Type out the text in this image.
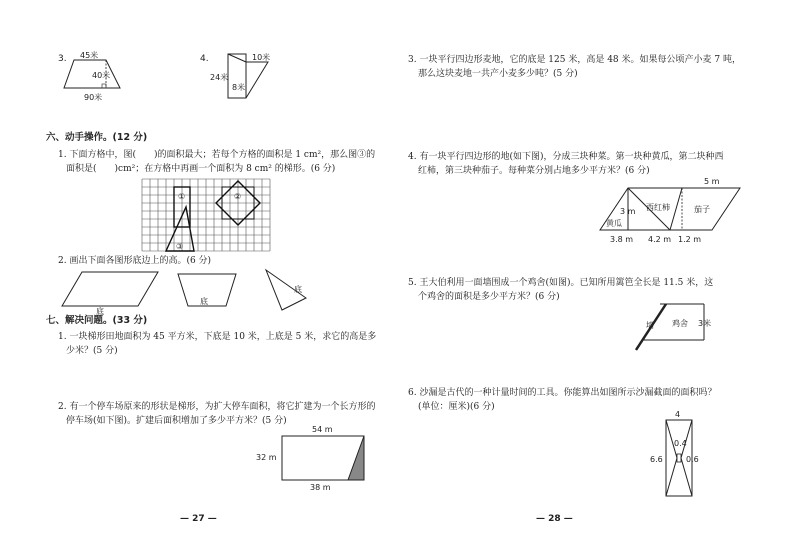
3. 45米
40米
90米
4.	10米
24米
8米
六、动手操作。(12 分)
1. 下面方格中，图(　　)的面积最大；若每个方格的面积是 1 cm²，那么图③的
面积是(　　)cm²；在方格中再画一个面积为 8 cm² 的梯形。(6 分)
①	②
③
2. 画出下面各图形底边上的高。(6 分)
底
底
底
七、解决问题。(33 分)
1. 一块梯形田地面积为 45 平方米，下底是 10 米，上底是 5 米，求它的高是多
少米？(5 分)
2. 有一个停车场原来的形状是梯形，为扩大停车面积，将它扩建为一个长方形的
停车场(如下图)。扩建后面积增加了多少平方米？(5 分)
54 m
32 m
38 m
— 27 —
3. 一块平行四边形麦地，它的底是 125 米，高是 48 米。如果每公顷产小麦 7 吨，
那么这块麦地一共产小麦多少吨？(5 分)
4. 有一块平行四边形的地(如下图)，分成三块种菜。第一块种黄瓜，第二块种西
红柿，第三块种茄子。每种菜分别占地多少平方米？(6 分)
5 m
3 m
黄瓜
西红柿	茄子
3.8 m 4.2 m 1.2 m
5. 王大伯利用一面墙围成一个鸡舍(如图)。已知所用篱笆全长是 11.5 米，这
个鸡舍的面积是多少平方米？(6 分)
墙 鸡舍 3米
6. 沙漏是古代的一种计量时间的工具。你能算出如图所示沙漏截面的面积吗？
(单位：厘米)(6 分)
4
0.4
0.6
6.6
— 28 —
